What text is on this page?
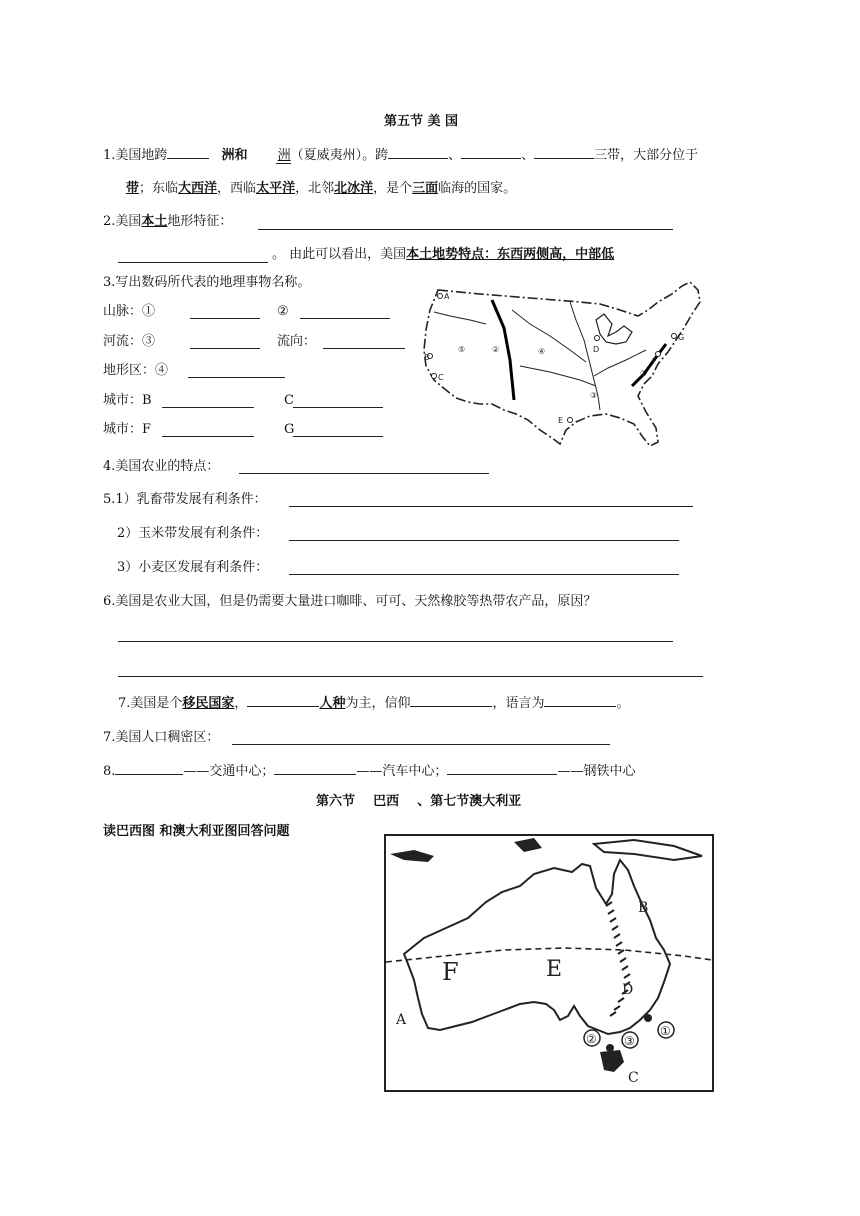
第五节 美 国
1.美国地跨	洲和 洲（夏威夷州）。跨	、	、	三带，大部分位于
带；东临大西洋，西临太平洋，北邻北冰洋，是个三面临海的国家。
2.美国本土地形特征：
。 由此可以看出，美国本土地势特点：东西两侧高，中部低
3.写出数码所代表的地理事物名称。
山脉：①	②
河流：③	流向：
地形区：④
城市：B	C
城市：F	G
A
B
C
D
E
F
G
⑤	②	④
③
①
4.美国农业的特点：
5.1）乳畜带发展有利条件：
2）玉米带发展有利条件：
3）小麦区发展有利条件：
6.美国是农业大国，但是仍需要大量进口咖啡、可可、天然橡胶等热带农产品，原因？
7.美国是个移民国家，	人种为主，信仰	，语言为	。
7.美国人口稠密区：
8.	——交通中心；	——汽车中心；	——钢铁中心
第六节    巴西    、第七节澳大利亚
读巴西图 和澳大利亚图回答问题
B
F	E
D
A
② ③
①
C
